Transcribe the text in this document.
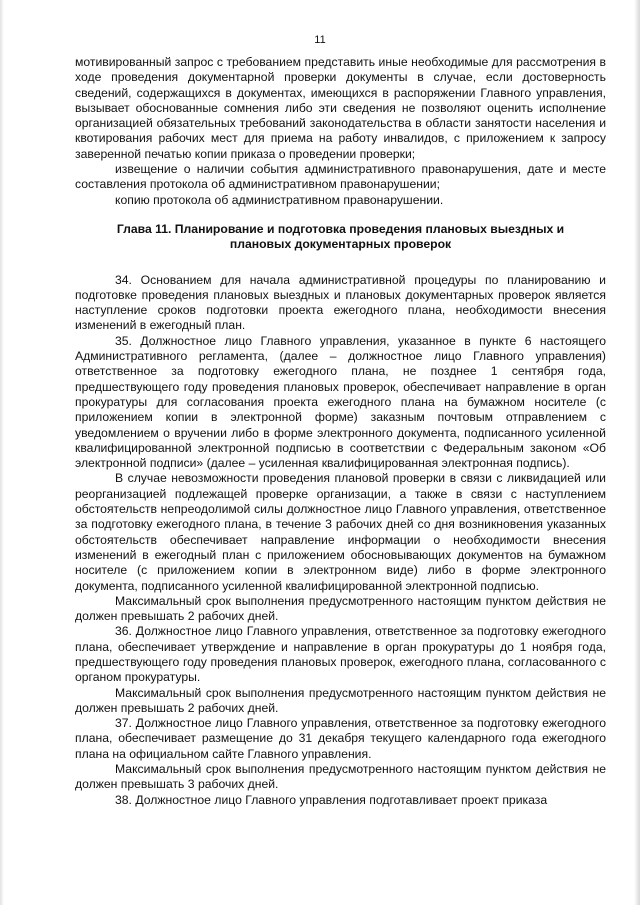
11

мотивированный запрос с требованием представить иные необходимые для рассмотрения в ходе проведения документарной проверки документы в случае, если достоверность сведений, содержащихся в документах, имеющихся в распоряжении Главного управления, вызывает обоснованные сомнения либо эти сведения не позволяют оценить исполнение организацией обязательных требований законодательства в области занятости населения и квотирования рабочих мест для приема на работу инвалидов, с приложением к запросу заверенной печатью копии приказа о проведении проверки;

извещение о наличии события административного правонарушения, дате и месте составления протокола об административном правонарушении;

копию протокола об административном правонарушении.

Глава 11. Планирование и подготовка проведения плановых выездных и плановых документарных проверок

34. Основанием для начала административной процедуры по планированию и подготовке проведения плановых выездных и плановых документарных проверок является наступление сроков подготовки проекта ежегодного плана, необходимости внесения изменений в ежегодный план.

35. Должностное лицо Главного управления, указанное в пункте 6 настоящего Административного регламента, (далее – должностное лицо Главного управления) ответственное за подготовку ежегодного плана, не позднее 1 сентября года, предшествующего году проведения плановых проверок, обеспечивает направление в орган прокуратуры для согласования проекта ежегодного плана на бумажном носителе (с приложением копии в электронной форме) заказным почтовым отправлением с уведомлением о вручении либо в форме электронного документа, подписанного усиленной квалифицированной электронной подписью в соответствии с Федеральным законом «Об электронной подписи» (далее – усиленная квалифицированная электронная подпись).

В случае невозможности проведения плановой проверки в связи с ликвидацией или реорганизацией подлежащей проверке организации, а также в связи с наступлением обстоятельств непреодолимой силы должностное лицо Главного управления, ответственное за подготовку ежегодного плана, в течение 3 рабочих дней со дня возникновения указанных обстоятельств обеспечивает направление информации о необходимости внесения изменений в ежегодный план с приложением обосновывающих документов на бумажном носителе (с приложением копии в электронном виде) либо в форме электронного документа, подписанного усиленной квалифицированной электронной подписью.

Максимальный срок выполнения предусмотренного настоящим пунктом действия не должен превышать 2 рабочих дней.

36. Должностное лицо Главного управления, ответственное за подготовку ежегодного плана, обеспечивает утверждение и направление в орган прокуратуры до 1 ноября года, предшествующего году проведения плановых проверок, ежегодного плана, согласованного с органом прокуратуры.

Максимальный срок выполнения предусмотренного настоящим пунктом действия не должен превышать 2 рабочих дней.

37. Должностное лицо Главного управления, ответственное за подготовку ежегодного плана, обеспечивает размещение до 31 декабря текущего календарного года ежегодного плана на официальном сайте Главного управления.

Максимальный срок выполнения предусмотренного настоящим пунктом действия не должен превышать 3 рабочих дней.

38. Должностное лицо Главного управления подготавливает проект приказа
